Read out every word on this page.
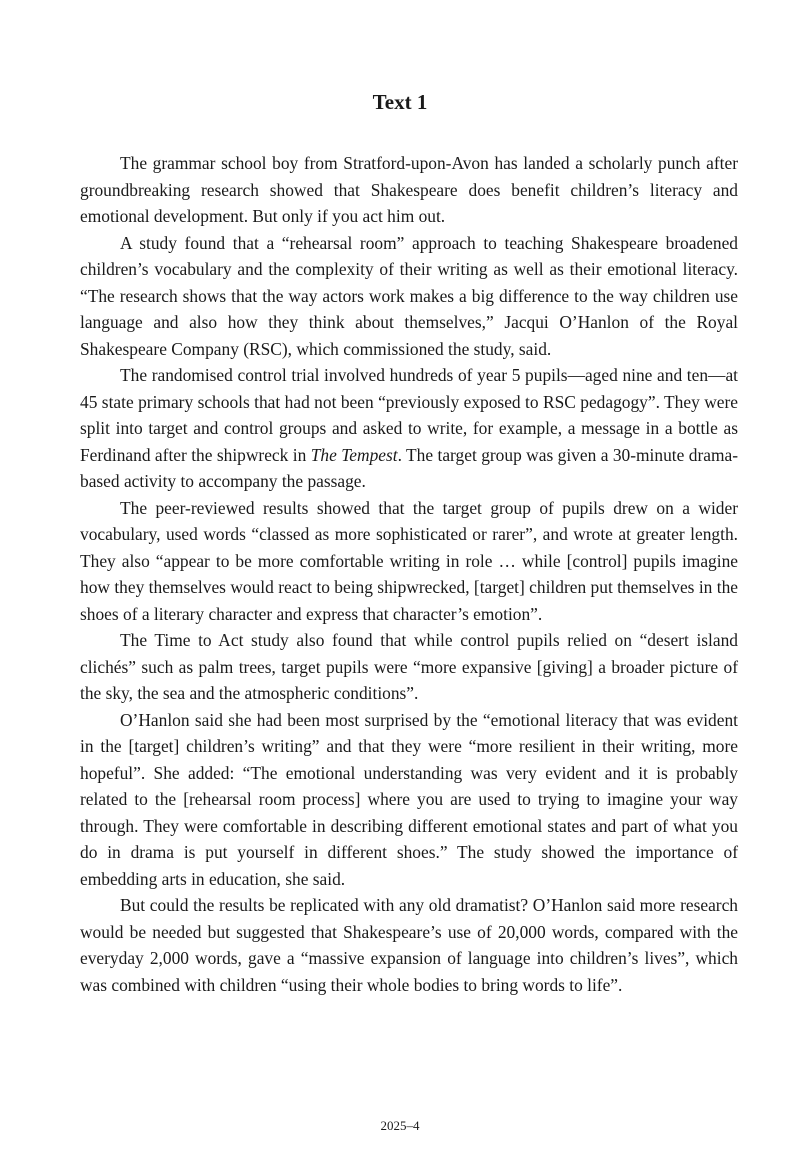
Text 1

The grammar school boy from Stratford-upon-Avon has landed a scholarly punch after groundbreaking research showed that Shakespeare does benefit children’s literacy and emotional development. But only if you act him out.

A study found that a “rehearsal room” approach to teaching Shakespeare broadened children’s vocabulary and the complexity of their writing as well as their emotional literacy. “The research shows that the way actors work makes a big difference to the way children use language and also how they think about themselves,” Jacqui O’Hanlon of the Royal Shakespeare Company (RSC), which commissioned the study, said.

The randomised control trial involved hundreds of year 5 pupils—aged nine and ten—at 45 state primary schools that had not been “previously exposed to RSC pedagogy”. They were split into target and control groups and asked to write, for example, a message in a bottle as Ferdinand after the shipwreck in The Tempest. The target group was given a 30-minute drama-based activity to accompany the passage.

The peer-reviewed results showed that the target group of pupils drew on a wider vocabulary, used words “classed as more sophisticated or rarer”, and wrote at greater length. They also “appear to be more comfortable writing in role … while [control] pupils imagine how they themselves would react to being shipwrecked, [target] children put themselves in the shoes of a literary character and express that character’s emotion”.

The Time to Act study also found that while control pupils relied on “desert island clichés” such as palm trees, target pupils were “more expansive [giving] a broader picture of the sky, the sea and the atmospheric conditions”.

O’Hanlon said she had been most surprised by the “emotional literacy that was evident in the [target] children’s writing” and that they were “more resilient in their writing, more hopeful”. She added: “The emotional understanding was very evident and it is probably related to the [rehearsal room process] where you are used to trying to imagine your way through. They were comfortable in describing different emotional states and part of what you do in drama is put yourself in different shoes.” The study showed the importance of embedding arts in education, she said.

But could the results be replicated with any old dramatist? O’Hanlon said more research would be needed but suggested that Shakespeare’s use of 20,000 words, compared with the everyday 2,000 words, gave a “massive expansion of language into children’s lives”, which was combined with children “using their whole bodies to bring words to life”.

2025–4
